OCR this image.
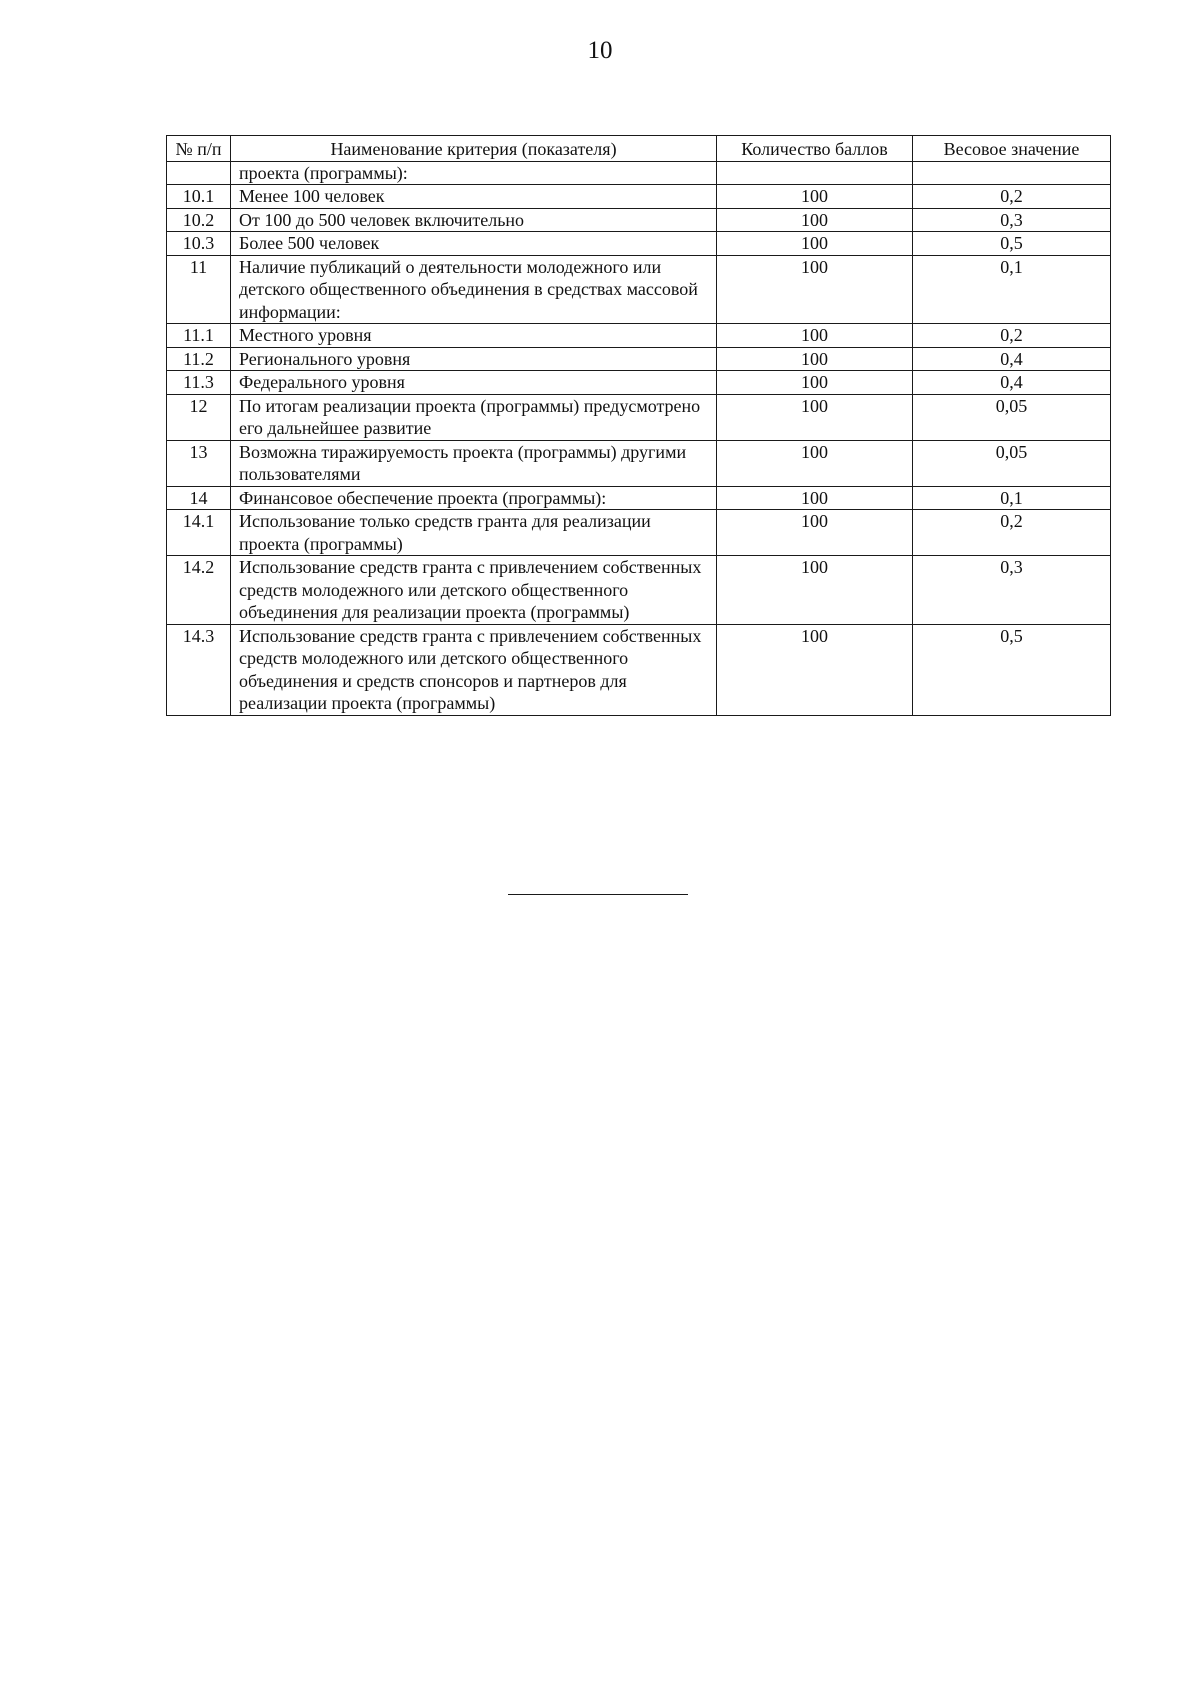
10
№ п/п	Наименование критерия (показателя)	Количество баллов	Весовое значение
	проекта (программы):		
10.1	Менее 100 человек	100	0,2
10.2	От 100 до 500 человек включительно	100	0,3
10.3	Более 500 человек	100	0,5
11	Наличие публикаций о деятельности молодежного или детского общественного объединения в средствах массовой информации:	100	0,1
11.1	Местного уровня	100	0,2
11.2	Регионального уровня	100	0,4
11.3	Федерального уровня	100	0,4
12	По итогам реализации проекта (программы) предусмотрено его дальнейшее развитие	100	0,05
13	Возможна тиражируемость проекта (программы) другими пользователями	100	0,05
14	Финансовое обеспечение проекта (программы):	100	0,1
14.1	Использование только средств гранта для реализации проекта (программы)	100	0,2
14.2	Использование средств гранта с привлечением собственных средств молодежного или детского общественного объединения для реализации проекта (программы)	100	0,3
14.3	Использование средств гранта с привлечением собственных средств молодежного или детского общественного объединения и средств спонсоров и партнеров для реализации проекта (программы)	100	0,5
